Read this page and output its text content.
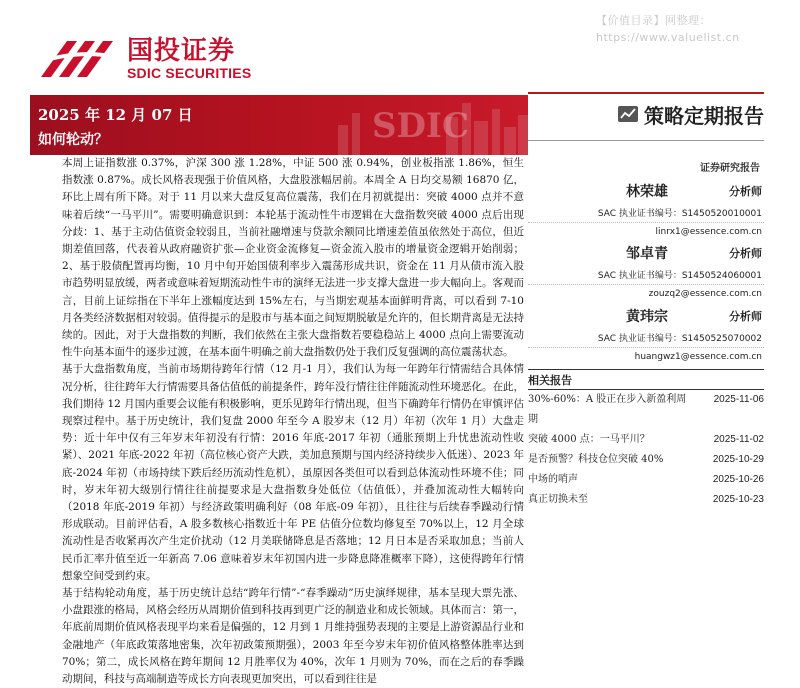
【价值目录】网整理：
https://www.valuelist.cn
国投证券
SDIC SECURITIES
2025 年 12 月 07 日
如何轮动？	SDIC	策略定期报告
证券研究报告
林荣雄	分析师
SAC 执业证书编号：S1450520010001
linrx1@essence.com.cn
邹卓青	分析师
SAC 执业证书编号：S1450524060001
zouzq2@essence.com.cn
黄玮宗	分析师
SAC 执业证书编号：S1450525070002
huangwz1@essence.com.cn
相关报告
30%-60%：A 股正在步入新盈利周期
2025-11-06
突破 4000 点：一马平川？	2025-11-02
是否预警？科技仓位突破 40%	2025-10-29
中场的哨声	2025-10-26
真正切换未至	2025-10-23

本周上证指数涨 0.37%，沪深 300 涨 1.28%，中证 500 涨 0.94%，创业板指涨 1.86%，恒生指数涨 0.87%。成长风格表现强于价值风格，大盘股涨幅居前。本周全 A 日均交易额 16870 亿，环比上周有所下降。对于 11 月以来大盘反复高位震荡，我们在月初就提出：突破 4000 点并不意味着后续“一马平川”。需要明确意识到：本轮基于流动性牛市逻辑在大盘指数突破 4000 点后出现分歧：1、基于主动估值资金较弱且，当前社融增速与贷款余额同比增速差值虽依然处于高位，但近期差值回落，代表着从政府融资扩张—企业资金流修复—资金流入股市的增量资金逻辑开始削弱；2、基于股债配置再均衡，10 月中旬开始国债利率步入震荡形成共识，资金在 11 月从债市流入股市趋势明显放缓，两者或意味着短期流动性牛市的演绎无法进一步支撑大盘进一步大幅向上。客观而言，目前上证综指在下半年上涨幅度达到 15%左右，与当期宏观基本面鲜明背离，可以看到 7-10 月各类经济数据相对较弱。值得提示的是股市与基本面之间短期脱敏是允许的，但长期背离是无法持续的。因此，对于大盘指数的判断，我们依然在主张大盘指数若要稳稳站上 4000 点向上需要流动性牛向基本面牛的逐步过渡，在基本面牛明确之前大盘指数仍处于我们反复强调的高位震荡状态。

基于大盘指数角度，当前市场期待跨年行情（12 月-1 月），我们认为每一年跨年行情需结合具体情况分析，往往跨年大行情需要具备估值低的前提条件，跨年没行情往往伴随流动性环境恶化。在此，我们期待 12 月国内重要会议能有积极影响，更乐见跨年行情出现，但当下确跨年行情仍在审慎评估现察过程中。基于历史统计，我们复盘 2000 年至今 A 股岁末（12 月）年初（次年 1 月）大盘走势：近十年中仅有三年岁末年初没有行情：2016 年底-2017 年初（通胀预期上升忧患流动性收紧）、2021 年底-2022 年初（高位核心资产大跌，美加息预期与国内经济持续步入低迷）、2023 年底-2024 年初（市场持续下跌后经历流动性危机），虽原因各类但可以看到总体流动性环境不佳；同时，岁末年初大级别行情往往前提要求是大盘指数身处低位（估值低），并叠加流动性大幅转向（2018 年底-2019 年初）与经济政策明确利好（08 年底-09 年初），且往往与后续春季躁动行情形成联动。目前评估看，A 股多数核心指数近十年 PE 估值分位数均修复至 70%以上，12 月全球流动性是否收紧再次产生定价扰动（12 月美联储降息是否落地；12 月日本是否采取加息；当前人民币汇率升值至近一年新高 7.06 意味着岁末年初国内进一步降息降准概率下降），这使得跨年行情想象空间受到约束。

基于结构轮动角度，基于历史统计总结“跨年行情”-“春季躁动”历史演绎规律，基本呈现大票先涨、小盘跟涨的格局，风格会经历从周期价值到科技再到更广泛的制造业和成长领域。具体而言：第一，年底前周期价值风格表现平均来看是偏强的，12 月到 1 月维持强势表现的主要是上游资源品行业和金融地产（年底政策落地密集，次年初政策预期强），2003 年至今岁末年初价值风格整体胜率达到 70%；第二，成长风格在跨年期间 12 月胜率仅为 40%，次年 1 月则为 70%，而在之后的春季躁动期间，科技与高端制造等成长方向表现更加突出，可以看到往往是
